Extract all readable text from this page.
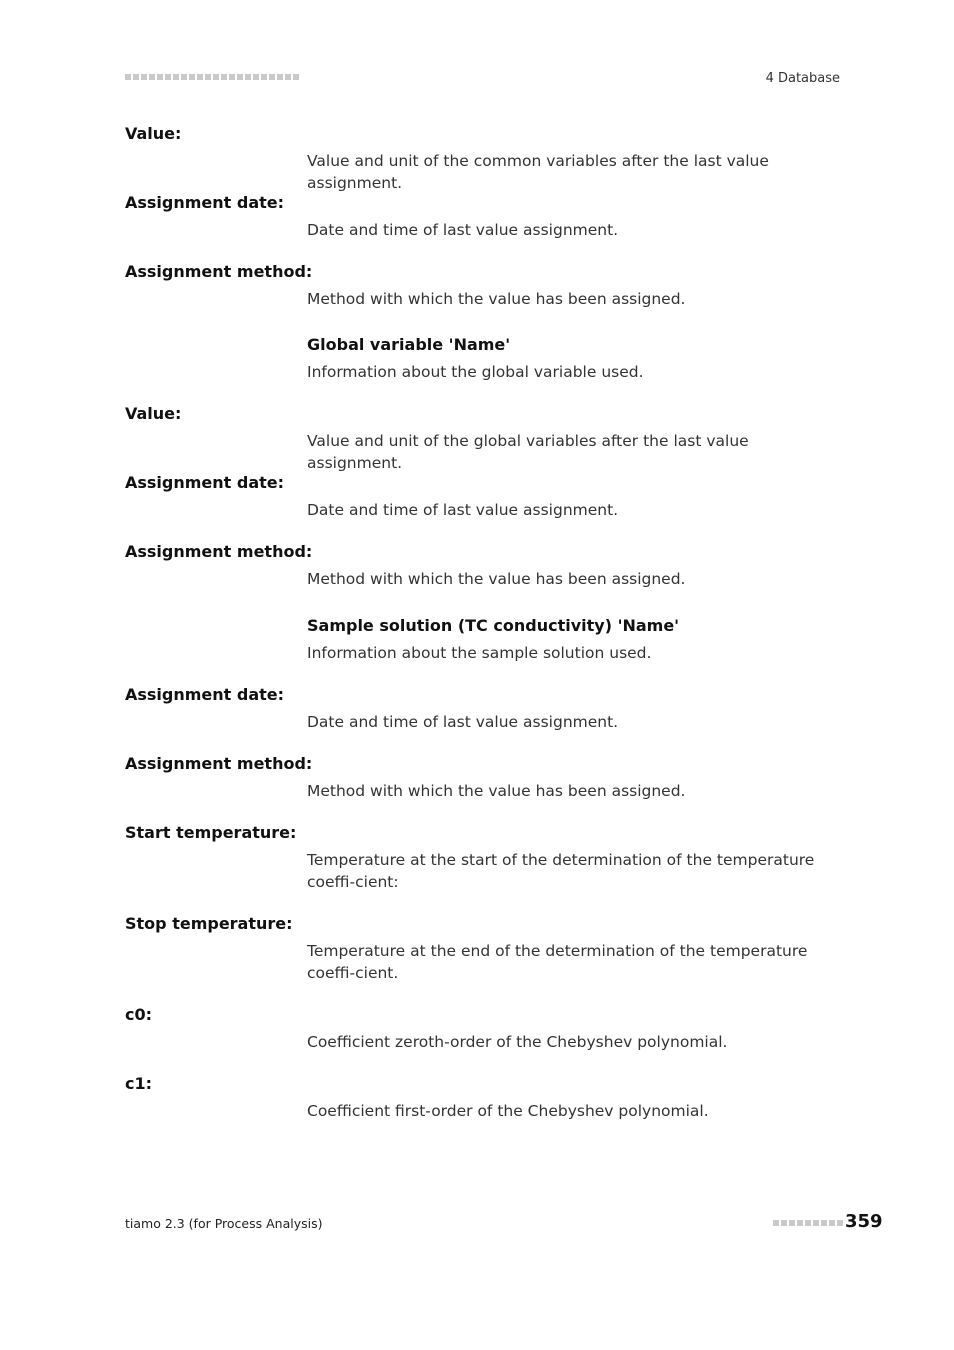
4 Database
Value:
Value and unit of the common variables after the last value assignment.
Assignment date:
Date and time of last value assignment.
Assignment method:
Method with which the value has been assigned.
Global variable 'Name'
Information about the global variable used.
Value:
Value and unit of the global variables after the last value assignment.
Assignment date:
Date and time of last value assignment.
Assignment method:
Method with which the value has been assigned.
Sample solution (TC conductivity) 'Name'
Information about the sample solution used.
Assignment date:
Date and time of last value assignment.
Assignment method:
Method with which the value has been assigned.
Start temperature:
Temperature at the start of the determination of the temperature coeffi-cient:
Stop temperature:
Temperature at the end of the determination of the temperature coeffi-cient.
c0:
Coefficient zeroth-order of the Chebyshev polynomial.
c1:
Coefficient first-order of the Chebyshev polynomial.
tiamo 2.3 (for Process Analysis)	359
